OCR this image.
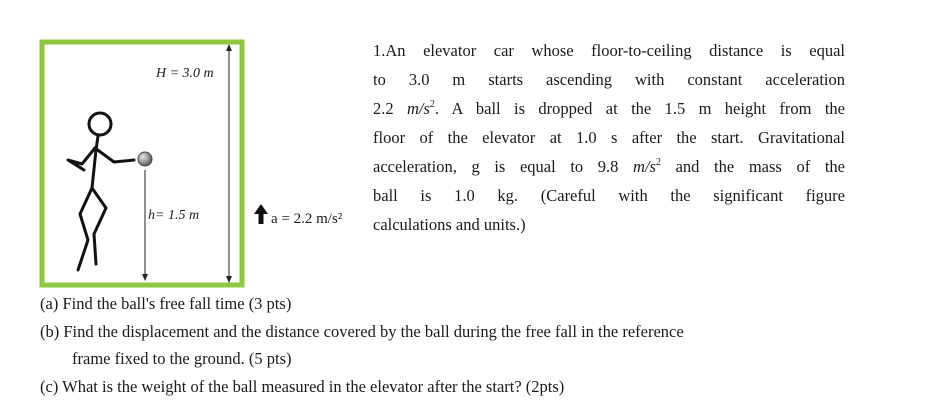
H = 3.0 m
h= 1.5 m	a = 2.2 m/s²
1.An elevator car whose floor-to-ceiling distance is equal
to 3.0 m starts ascending with constant acceleration
2.2 $m/s^2$. A ball is dropped at the 1.5 m height from the
floor of the elevator at 1.0 s after the start. Gravitational
acceleration, g is equal to 9.8 $m/s^2$ and the mass of the
ball is 1.0 kg. (Careful with the significant figure
calculations and units.)
(a) Find the ball's free fall time (3 pts)
(b) Find the displacement and the distance covered by the ball during the free fall in the reference
frame fixed to the ground. (5 pts)
(c) What is the weight of the ball measured in the elevator after the start? (2pts)
